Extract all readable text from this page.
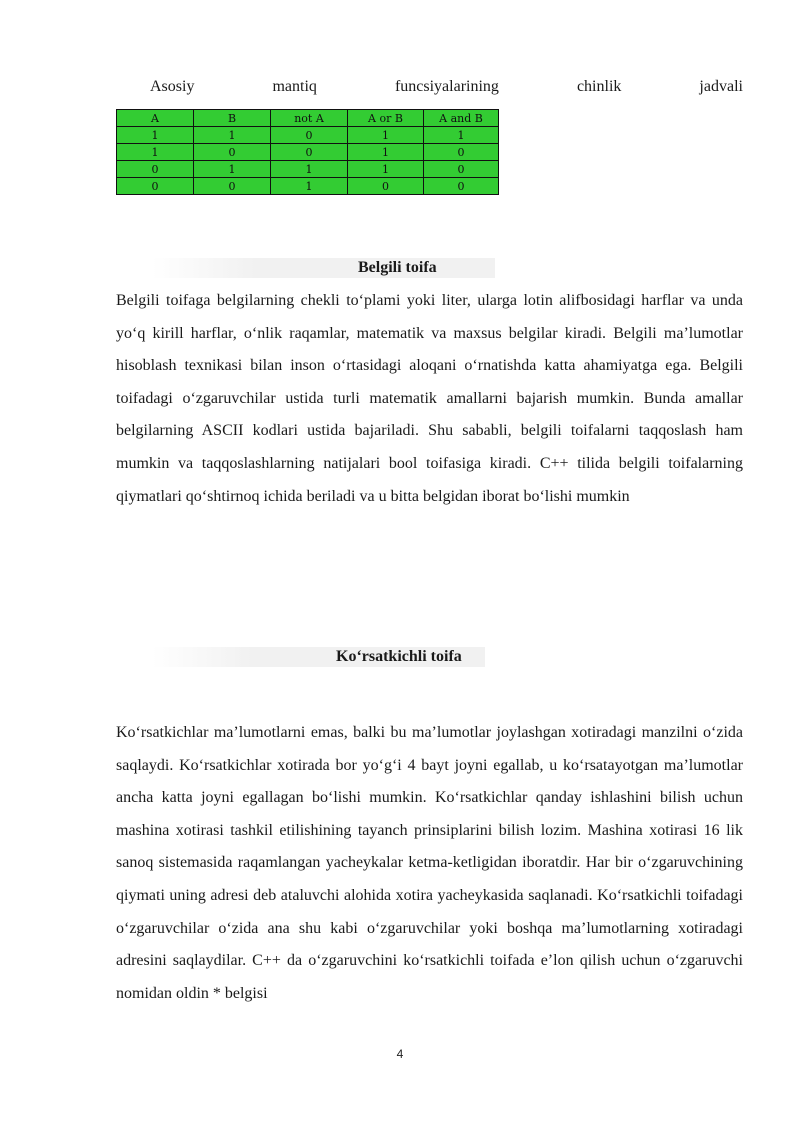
Asosiy	mantiq	funcsiyalarining	chinlik	jadvali
A	B	not A	A or B	A and B
1	1	0	1	1
1	0	0	1	0
0	1	1	1	0
0	0	1	0	0
Belgili toifa
Belgili toifaga belgilarning chekli to‘plami yoki liter, ularga lotin alifbosidagi harflar va unda yo‘q kirill harflar, o‘nlik raqamlar, matematik va maxsus belgilar kiradi. Belgili ma’lumotlar hisoblash texnikasi bilan inson o‘rtasidagi aloqani o‘rnatishda katta ahamiyatga ega. Belgili toifadagi o‘zgaruvchilar ustida turli matematik amallarni bajarish mumkin. Bunda amallar belgilarning ASCII kodlari ustida bajariladi. Shu sababli, belgili toifalarni taqqoslash ham mumkin va taqqoslashlarning natijalari bool toifasiga kiradi. C++ tilida belgili toifalarning qiymatlari qo‘shtirnoq ichida beriladi va u bitta belgidan iborat bo‘lishi mumkin
Ko‘rsatkichli toifa
Ko‘rsatkichlar ma’lumotlarni emas, balki bu ma’lumotlar joylashgan xotiradagi manzilni o‘zida saqlaydi. Ko‘rsatkichlar xotirada bor yo‘g‘i 4 bayt joyni egallab, u ko‘rsatayotgan ma’lumotlar ancha katta joyni egallagan bo‘lishi mumkin. Ko‘rsatkichlar qanday ishlashini bilish uchun mashina xotirasi tashkil etilishining tayanch prinsiplarini bilish lozim. Mashina xotirasi 16 lik sanoq sistemasida raqamlangan yacheykalar ketma-ketligidan iboratdir. Har bir o‘zgaruvchining qiymati uning adresi deb ataluvchi alohida xotira yacheykasida saqlanadi. Ko‘rsatkichli toifadagi o‘zgaruvchilar o‘zida ana shu kabi o‘zgaruvchilar yoki boshqa ma’lumotlarning xotiradagi adresini saqlaydilar. C++ da o‘zgaruvchini ko‘rsatkichli toifada e’lon qilish uchun o‘zgaruvchi nomidan oldin * belgisi
4
